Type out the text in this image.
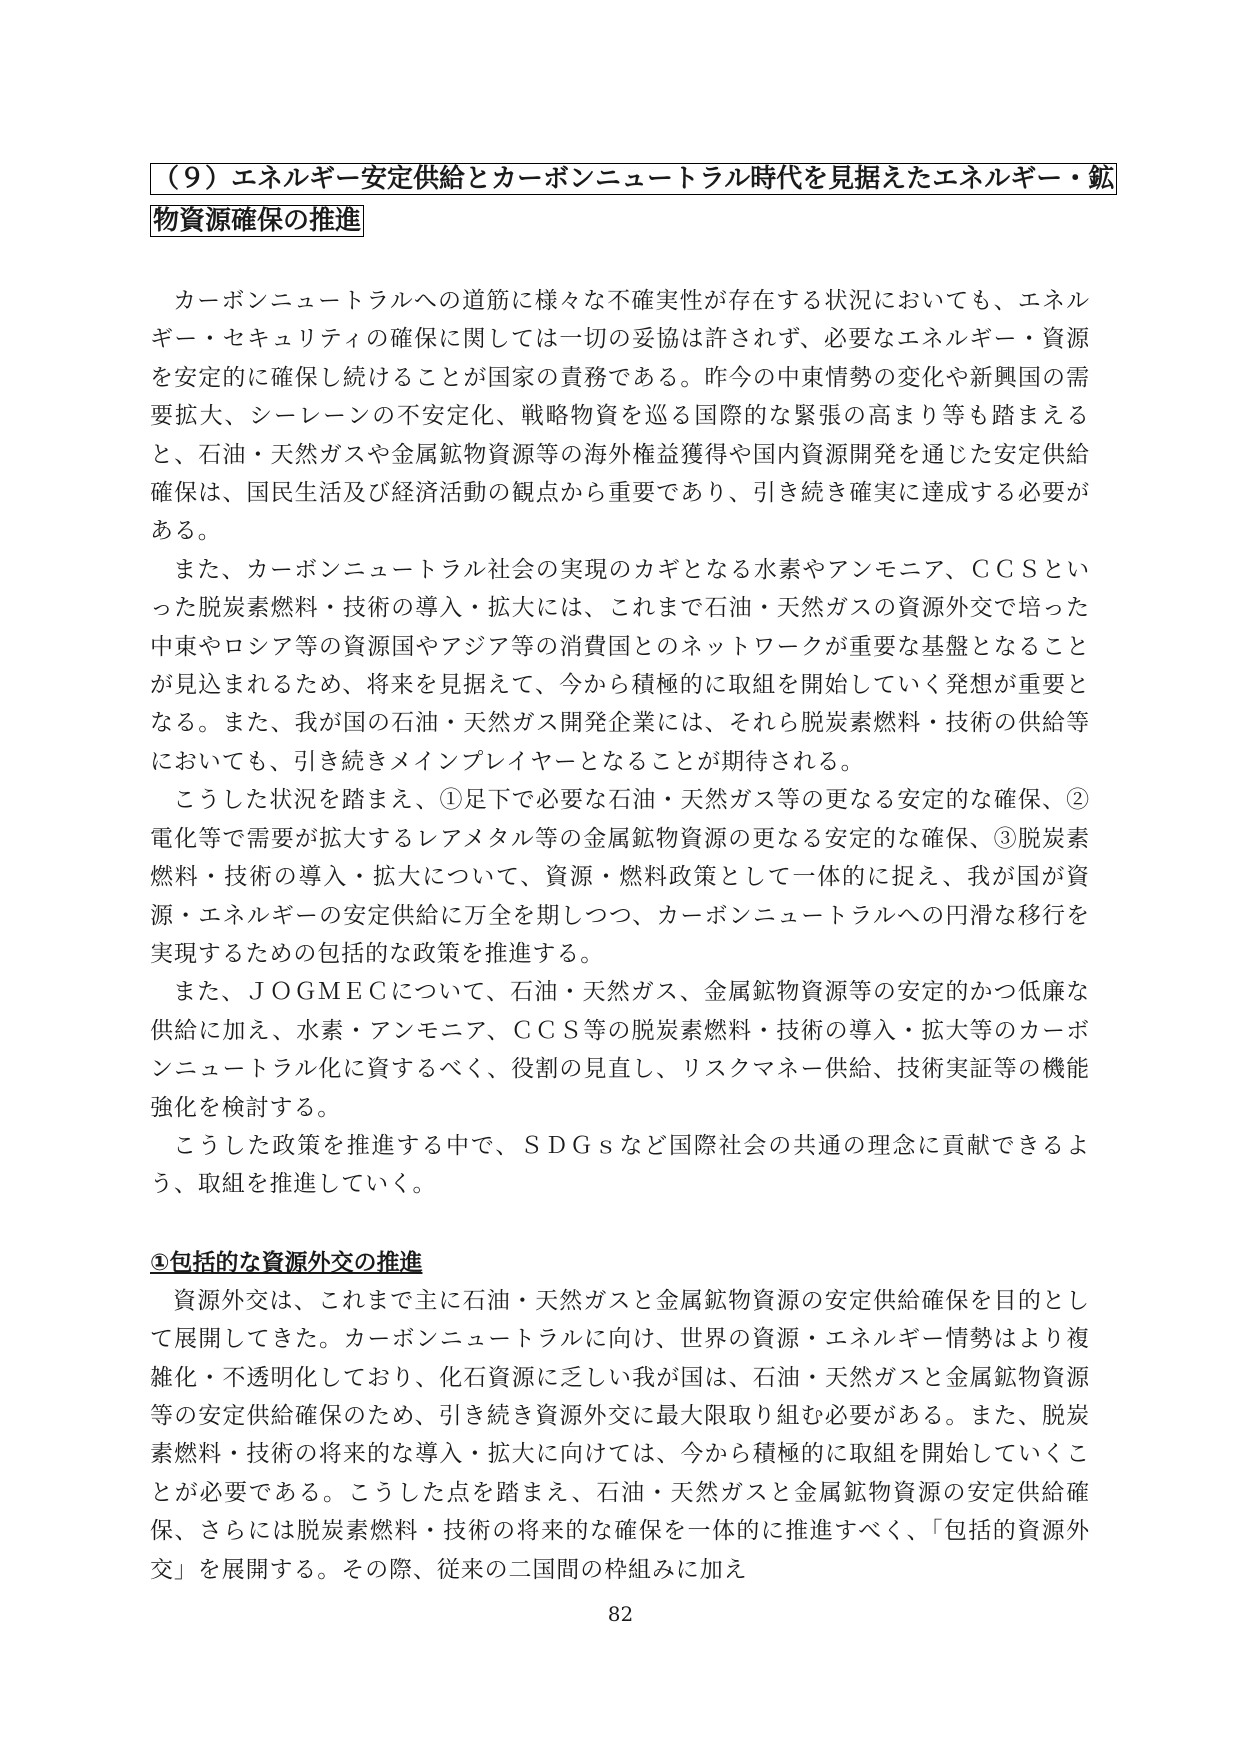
（９）エネルギー安定供給とカーボンニュートラル時代を見据えたエネルギー・鉱
物資源確保の推進

カーボンニュートラルへの道筋に様々な不確実性が存在する状況においても、エネルギー・セキュリティの確保に関しては一切の妥協は許されず、必要なエネルギー・資源を安定的に確保し続けることが国家の責務である。昨今の中東情勢の変化や新興国の需要拡大、シーレーンの不安定化、戦略物資を巡る国際的な緊張の高まり等も踏まえると、石油・天然ガスや金属鉱物資源等の海外権益獲得や国内資源開発を通じた安定供給確保は、国民生活及び経済活動の観点から重要であり、引き続き確実に達成する必要がある。

また、カーボンニュートラル社会の実現のカギとなる水素やアンモニア、ＣＣＳといった脱炭素燃料・技術の導入・拡大には、これまで石油・天然ガスの資源外交で培った中東やロシア等の資源国やアジア等の消費国とのネットワークが重要な基盤となることが見込まれるため、将来を見据えて、今から積極的に取組を開始していく発想が重要となる。また、我が国の石油・天然ガス開発企業には、それら脱炭素燃料・技術の供給等においても、引き続きメインプレイヤーとなることが期待される。

こうした状況を踏まえ、①足下で必要な石油・天然ガス等の更なる安定的な確保、②電化等で需要が拡大するレアメタル等の金属鉱物資源の更なる安定的な確保、③脱炭素燃料・技術の導入・拡大について、資源・燃料政策として一体的に捉え、我が国が資源・エネルギーの安定供給に万全を期しつつ、カーボンニュートラルへの円滑な移行を実現するための包括的な政策を推進する。

また、ＪＯＧＭＥＣについて、石油・天然ガス、金属鉱物資源等の安定的かつ低廉な供給に加え、水素・アンモニア、ＣＣＳ等の脱炭素燃料・技術の導入・拡大等のカーボンニュートラル化に資するべく、役割の見直し、リスクマネー供給、技術実証等の機能強化を検討する。

こうした政策を推進する中で、ＳＤＧｓなど国際社会の共通の理念に貢献できるよう、取組を推進していく。

①包括的な資源外交の推進

資源外交は、これまで主に石油・天然ガスと金属鉱物資源の安定供給確保を目的として展開してきた。カーボンニュートラルに向け、世界の資源・エネルギー情勢はより複雑化・不透明化しており、化石資源に乏しい我が国は、石油・天然ガスと金属鉱物資源等の安定供給確保のため、引き続き資源外交に最大限取り組む必要がある。また、脱炭素燃料・技術の将来的な導入・拡大に向けては、今から積極的に取組を開始していくことが必要である。こうした点を踏まえ、石油・天然ガスと金属鉱物資源の安定供給確保、さらには脱炭素燃料・技術の将来的な確保を一体的に推進すべく、「包括的資源外交」を展開する。その際、従来の二国間の枠組みに加え

82
